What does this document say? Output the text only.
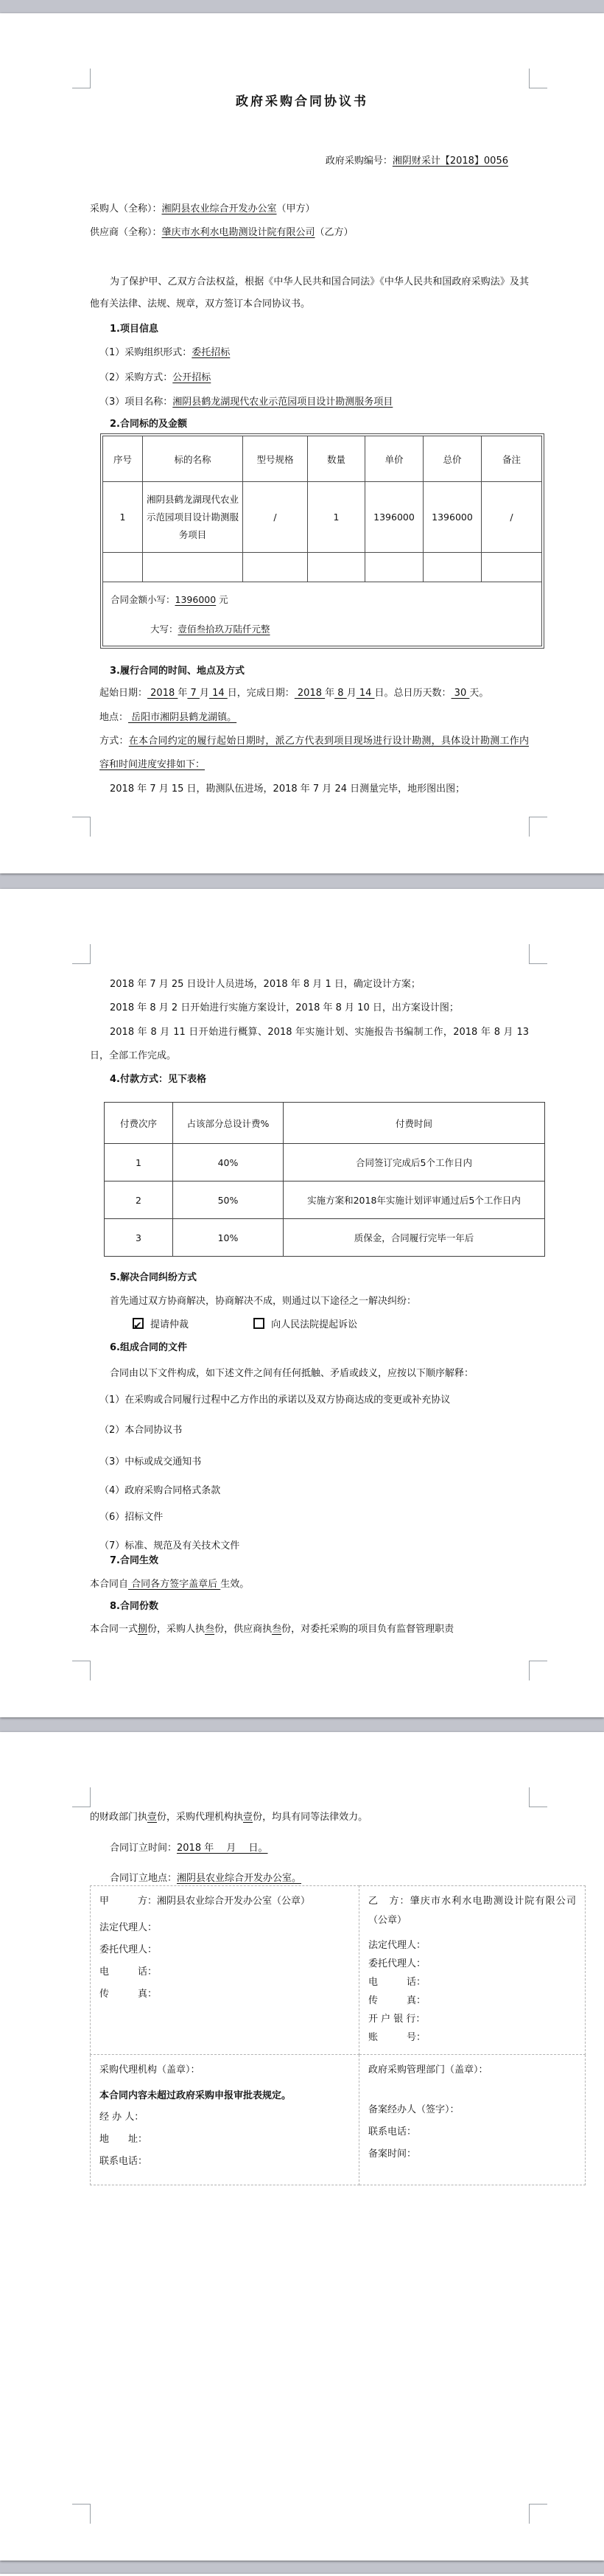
政府采购合同协议书
政府采购编号：湘阴财采计【2018】0056
采购人（全称）：湘阴县农业综合开发办公室（甲方）
供应商（全称）：肇庆市水利水电勘测设计院有限公司（乙方）
为了保护甲、乙双方合法权益，根据《中华人民共和国合同法》《中华人民共和国政府采购法》及其他有关法律、法规、规章，双方签订本合同协议书。
1.项目信息
（1）采购组织形式：委托招标
（2）采购方式：公开招标
（3）项目名称：湘阴县鹤龙湖现代农业示范园项目设计勘测服务项目
2.合同标的及金额
序号	标的名称	型号规格	数量	单价	总价	备注
1	湘阴县鹤龙湖现代农业示范园项目设计勘测服务项目	/	1	1396000	1396000	/

合同金额小写：1396000 元
大写：壹佰叁拾玖万陆仟元整						
3.履行合同的时间、地点及方式
起始日期： 2018 年 7 月 14 日，完成日期： 2018 年 8 月 14 日。总日历天数： 30 天。
地点： 岳阳市湘阴县鹤龙湖镇。
方式：在本合同约定的履行起始日期时，派乙方代表到项目现场进行设计勘测，具体设计勘测工作内容和时间进度安排如下：
2018 年 7 月 15 日，勘测队伍进场，2018 年 7 月 24 日测量完毕，地形图出图；
2018 年 7 月 25 日设计人员进场，2018 年 8 月 1 日，确定设计方案；
2018 年 8 月 2 日开始进行实施方案设计，2018 年 8 月 10 日，出方案设计图；
2018 年 8 月 11 日开始进行概算、2018 年实施计划、实施报告书编制工作，2018 年 8 月 13 日，全部工作完成。
4.付款方式：见下表格
付费次序	占该部分总设计费%	付费时间
1	40%	合同签订完成后5个工作日内
2	50%	实施方案和2018年实施计划评审通过后5个工作日内
3	10%	质保金，合同履行完毕一年后
5.解决合同纠纷方式
首先通过双方协商解决，协商解决不成，则通过以下途径之一解决纠纷：
✔提请仲裁	向人民法院提起诉讼
6.组成合同的文件
合同由以下文件构成，如下述文件之间有任何抵触、矛盾或歧义，应按以下顺序解释：
（1）在采购或合同履行过程中乙方作出的承诺以及双方协商达成的变更或补充协议
（2）本合同协议书
（3）中标或成交通知书
（4）政府采购合同格式条款
（6）招标文件
（7）标准、规范及有关技术文件
7.合同生效
本合同自 合同各方签字盖章后 生效。
8.合同份数
本合同一式捌份，采购人执叁份，供应商执叁份，对委托采购的项目负有监督管理职责
的财政部门执壹份，采购代理机构执壹份，均具有同等法律效力。
合同订立时间：2018 年　 月　 日。
合同订立地点：湘阴县农业综合开发办公室。
甲　　　方：湘阴县农业综合开发办公室（公章）
法定代理人：
委托代理人：
电　　　话：
传　　　真：

乙　方：肇庆市水利水电勘测设计院有限公司（公章）
法定代理人：
委托代理人：
电　　　话：
传　　　真：
开 户 银 行：
账　　　号：

采购代理机构（盖章）：
本合同内容未超过政府采购申报审批表规定。
经 办 人：
地　　址：
联系电话：

政府采购管理部门（盖章）：
备案经办人（签字）：
联系电话：
备案时间：
